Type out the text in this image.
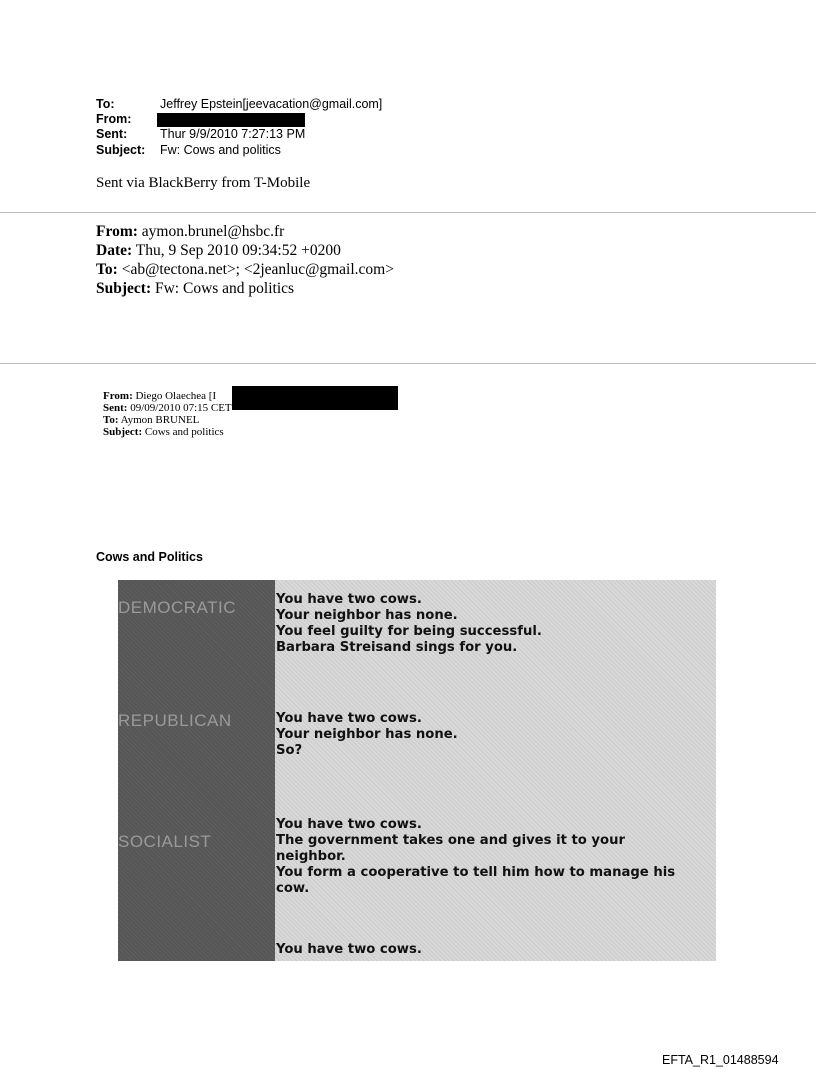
To:	Jeffrey Epstein[jeevacation@gmail.com]
From:
Sent:	Thur 9/9/2010 7:27:13 PM
Subject: Fw: Cows and politics
Sent via BlackBerry from T-Mobile
From: aymon.brunel@hsbc.fr
Date: Thu, 9 Sep 2010 09:34:52 +0200
To: <ab@tectona.net>; <2jeanluc@gmail.com>
Subject: Fw: Cows and politics
From: Diego Olaechea [I
Sent: 09/09/2010 07:15 CET
To: Aymon BRUNEL
Subject: Cows and politics
Cows and Politics
DEMOCRATIC	You have two cows.
Your neighbor has none.
You feel guilty for being successful.
Barbara Streisand sings for you.
REPUBLICAN	You have two cows.
Your neighbor has none.
So?
SOCIALIST
You have two cows.
The government takes one and gives it to your neighbor.
You form a cooperative to tell him how to manage his cow.
You have two cows.
EFTA_R1_01488594
